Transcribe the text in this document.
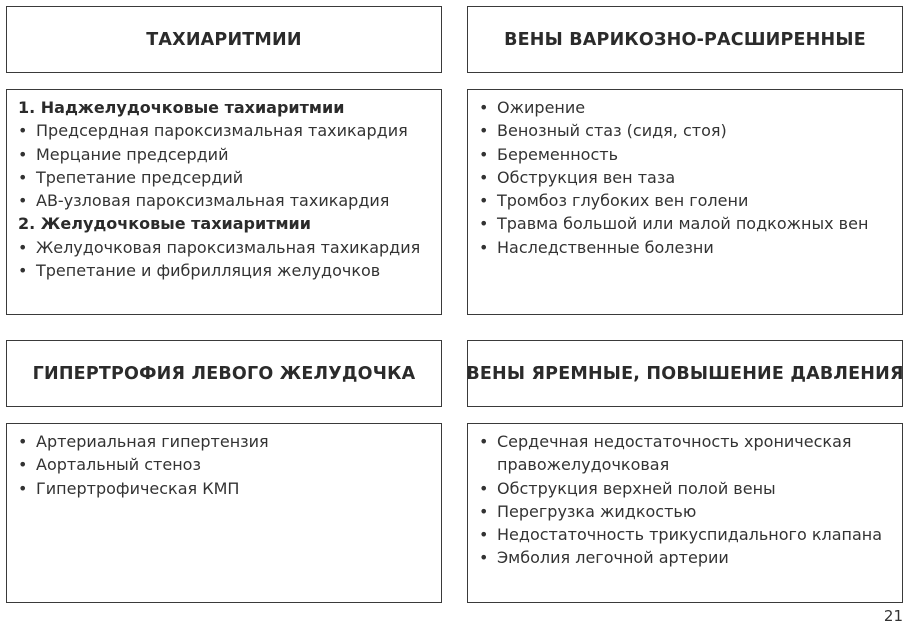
ТАХИАРИТМИИ
1. Наджелудочковые тахиаритмии
• Предсердная пароксизмальная тахикардия
• Мерцание предсердий
• Трепетание предсердий
• АВ-узловая пароксизмальная тахикардия
2. Желудочковые тахиаритмии
• Желудочковая пароксизмальная тахикардия
• Трепетание и фибрилляция желудочков
ВЕНЫ ВАРИКОЗНО-РАСШИРЕННЫЕ
• Ожирение
• Венозный стаз (сидя, стоя)
• Беременность
• Обструкция вен таза
• Тромбоз глубоких вен голени
• Травма большой или малой подкожных вен
• Наследственные болезни
ГИПЕРТРОФИЯ ЛЕВОГО ЖЕЛУДОЧКА
• Артериальная гипертензия
• Аортальный стеноз
• Гипертрофическая КМП
ВЕНЫ ЯРЕМНЫЕ, ПОВЫШЕНИЕ ДАВЛЕНИЯ
• Сердечная недостаточность хроническая
правожелудочковая
• Обструкция верхней полой вены
• Перегрузка жидкостью
• Недостаточность трикуспидального клапана
• Эмболия легочной артерии
21
